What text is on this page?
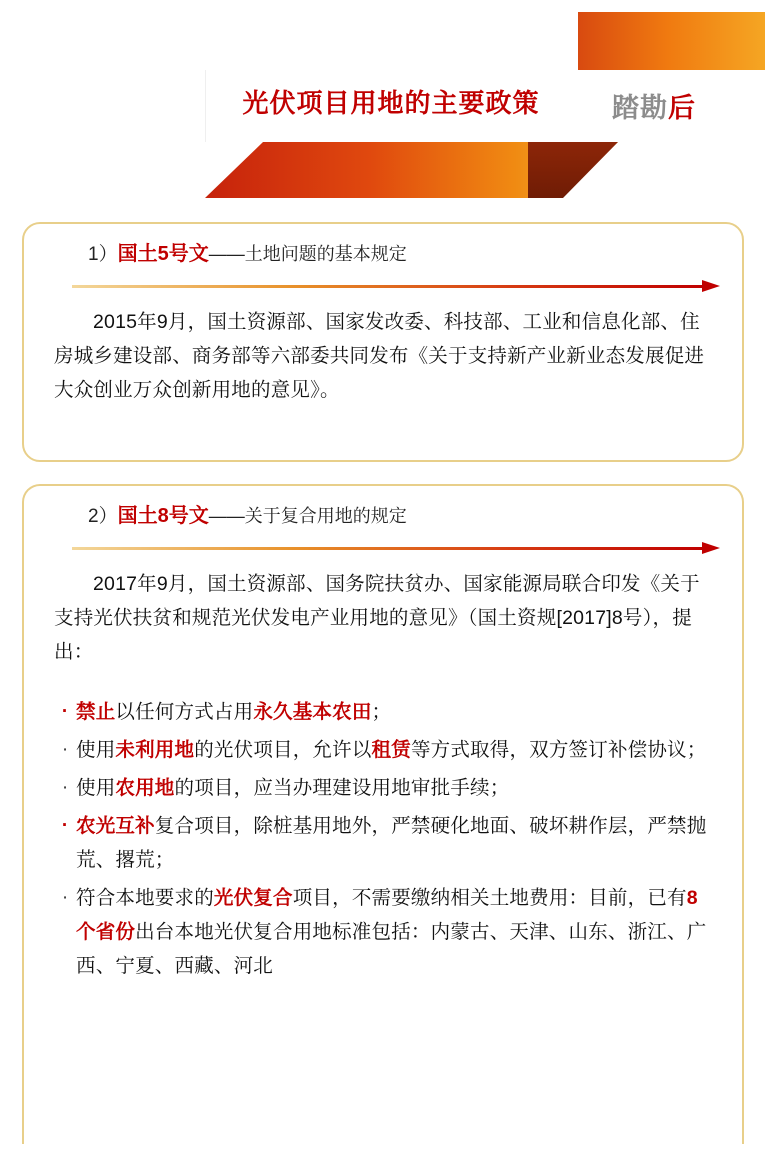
光伏项目用地的主要政策	踏勘后
1）国土5号文——土地问题的基本规定
2015年9月，国土资源部、国家发改委、科技部、工业和信息化部、住房城乡建设部、商务部等六部委共同发布《关于支持新产业新业态发展促进大众创业万众创新用地的意见》。
2）国土8号文——关于复合用地的规定
2017年9月，国土资源部、国务院扶贫办、国家能源局联合印发《关于支持光伏扶贫和规范光伏发电产业用地的意见》（国土资规[2017]8号），提出：
· 禁止以任何方式占用永久基本农田；
· 使用未利用地的光伏项目，允许以租赁等方式取得，双方签订补偿协议；
· 使用农用地的项目，应当办理建设用地审批手续；
· 农光互补复合项目，除桩基用地外，严禁硬化地面、破坏耕作层，严禁抛荒、撂荒；
· 符合本地要求的光伏复合项目，不需要缴纳相关土地费用：目前，已有8个省份出台本地光伏复合用地标准包括：内蒙古、天津、山东、浙江、广西、宁夏、西藏、河北
